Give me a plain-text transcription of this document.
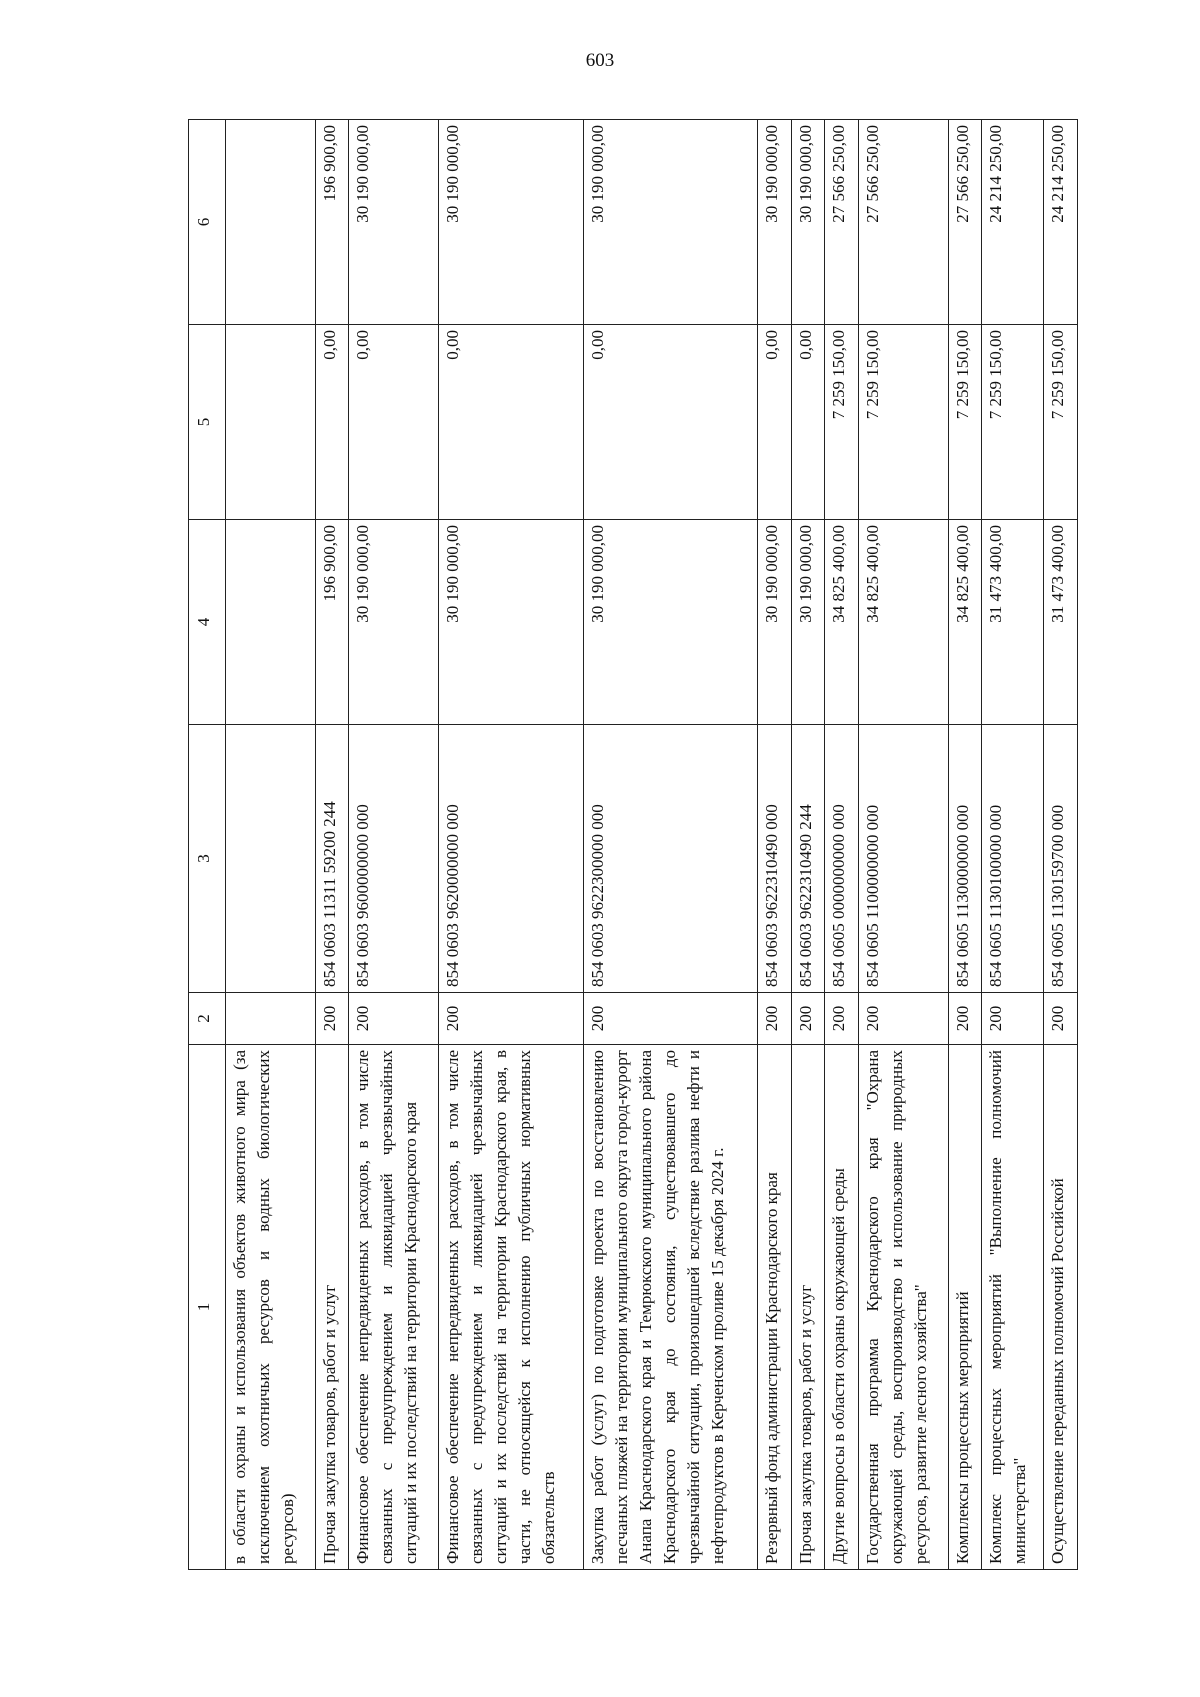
603
1	2	3	4	5	6
в области охраны и использования объектов животного мира (за исключением охотничьих ресурсов и водных биологических ресурсов)					
Прочая закупка товаров, работ и услуг	200	854 0603 11311 59200 244	196 900,00	0,00	196 900,00
Финансовое обеспечение непредвиденных расходов, в том числе связанных с предупреждением и ликвидацией чрезвычайных ситуаций и их последствий на территории Краснодарского края	200	854 0603 9600000000 000	30 190 000,00	0,00	30 190 000,00
Финансовое обеспечение непредвиденных расходов, в том числе связанных с предупреждением и ликвидацией чрезвычайных ситуаций и их последствий на территории Краснодарского края, в части, не относящейся к исполнению публичных нормативных обязательств	200	854 0603 9620000000 000	30 190 000,00	0,00	30 190 000,00
Закупка работ (услуг) по подготовке проекта по восстановлению песчаных пляжей на территории муниципального округа город-курорт Анапа Краснодарского края и Темрюкского муниципального района Краснодарского края до состояния, существовавшего до чрезвычайной ситуации, произошедшей вследствие разлива нефти и нефтепродуктов в Керченском проливе 15 декабря 2024 г.	200	854 0603 9622300000 000	30 190 000,00	0,00	30 190 000,00
Резервный фонд администрации Краснодарского края	200	854 0603 9622310490 000	30 190 000,00	0,00	30 190 000,00
Прочая закупка товаров, работ и услуг	200	854 0603 9622310490 244	30 190 000,00	0,00	30 190 000,00
Другие вопросы в области охраны окружающей среды	200	854 0605 0000000000 000	34 825 400,00	7 259 150,00	27 566 250,00
Государственная программа Краснодарского края "Охрана окружающей среды, воспроизводство и использование природных ресурсов, развитие лесного хозяйства"	200	854 0605 1100000000 000	34 825 400,00	7 259 150,00	27 566 250,00
Комплексы процессных мероприятий	200	854 0605 1130000000 000	34 825 400,00	7 259 150,00	27 566 250,00
Комплекс процессных мероприятий "Выполнение полномочий министерства"	200	854 0605 1130100000 000	31 473 400,00	7 259 150,00	24 214 250,00
Осуществление переданных полномочий Российской	200	854 0605 1130159700 000	31 473 400,00	7 259 150,00	24 214 250,00
